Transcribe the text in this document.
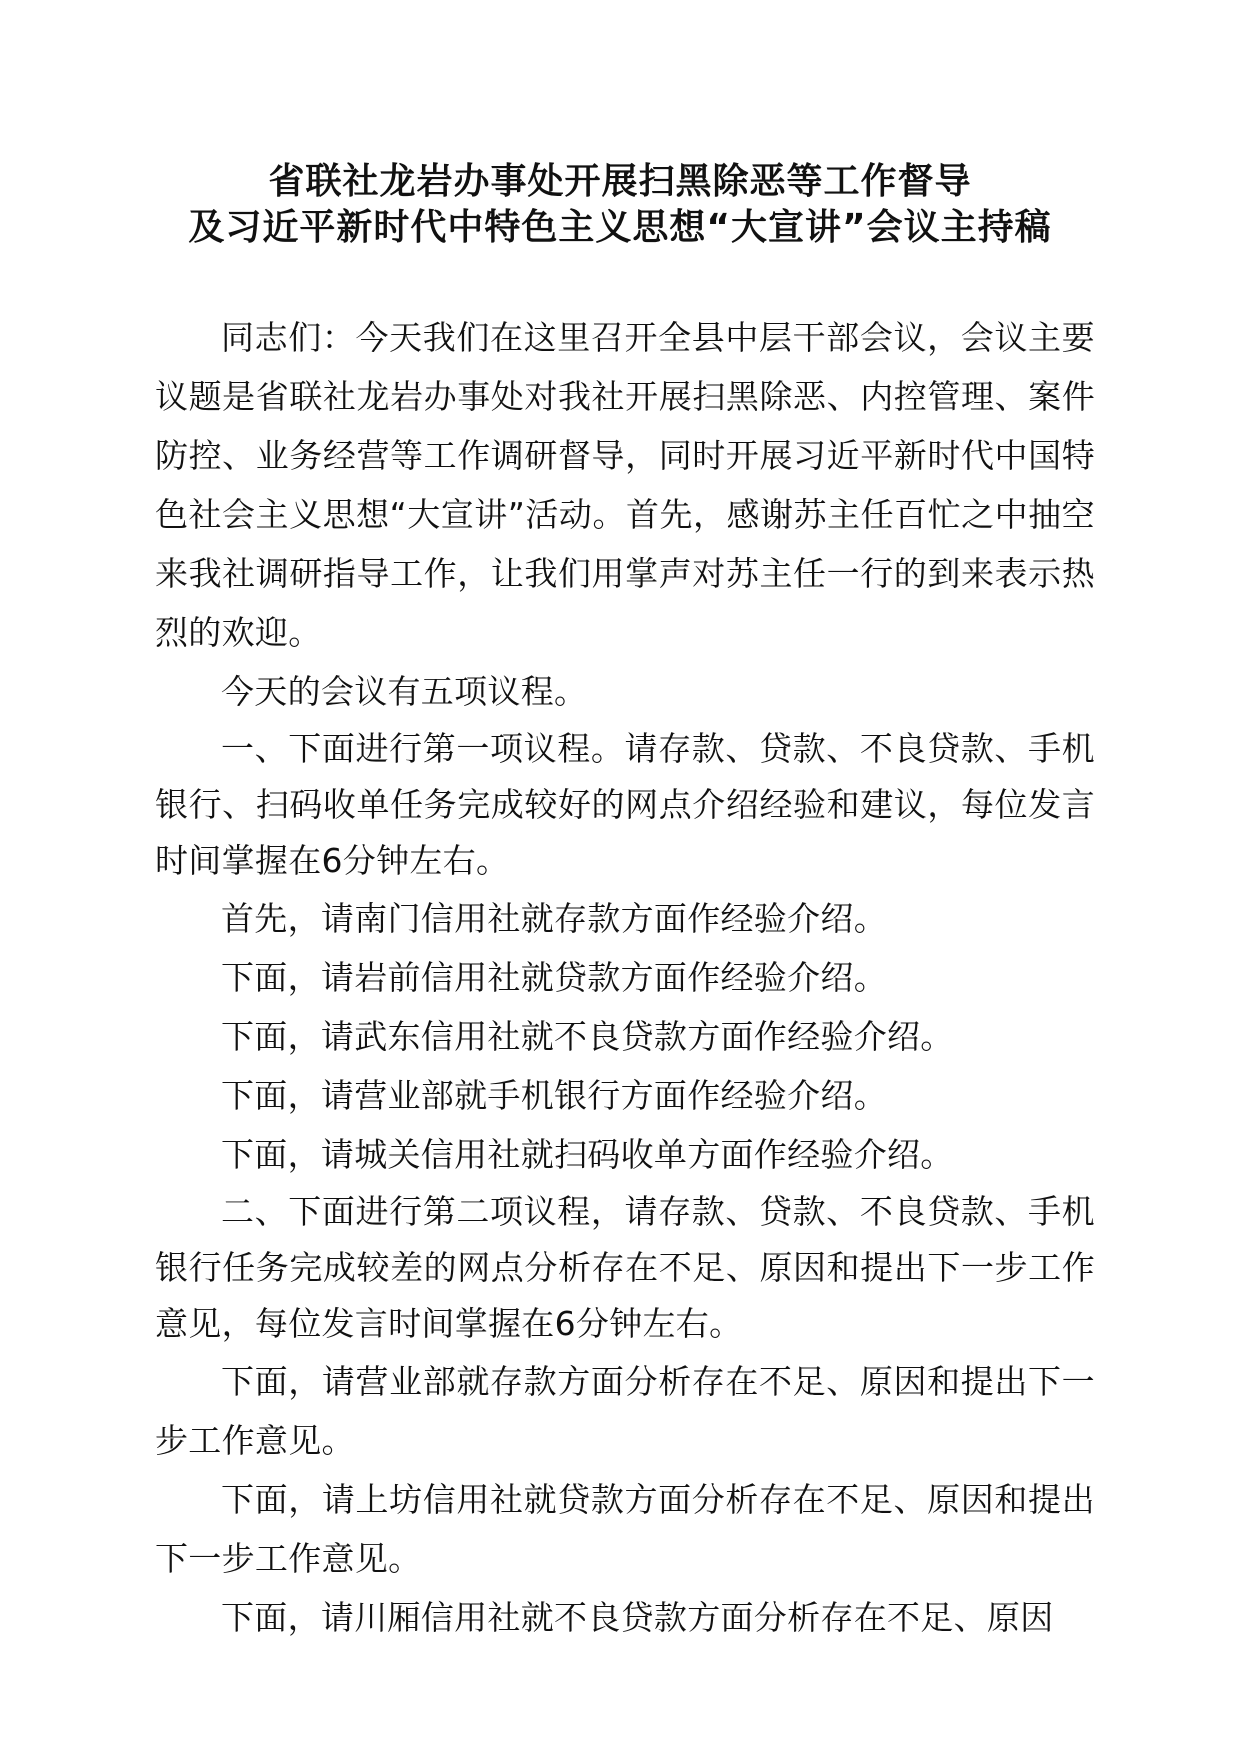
省联社龙岩办事处开展扫黑除恶等工作督导
及习近平新时代中特色主义思想“大宣讲”会议主持稿

同志们：今天我们在这里召开全县中层干部会议，会议主要议题是省联社龙岩办事处对我社开展扫黑除恶、内控管理、案件防控、业务经营等工作调研督导，同时开展习近平新时代中国特色社会主义思想“大宣讲”活动。首先，感谢苏主任百忙之中抽空来我社调研指导工作，让我们用掌声对苏主任一行的到来表示热烈的欢迎。

今天的会议有五项议程。

一、下面进行第一项议程。请存款、贷款、不良贷款、手机银行、扫码收单任务完成较好的网点介绍经验和建议，每位发言时间掌握在6分钟左右。

首先，请南门信用社就存款方面作经验介绍。

下面，请岩前信用社就贷款方面作经验介绍。

下面，请武东信用社就不良贷款方面作经验介绍。

下面，请营业部就手机银行方面作经验介绍。

下面，请城关信用社就扫码收单方面作经验介绍。

二、下面进行第二项议程，请存款、贷款、不良贷款、手机银行任务完成较差的网点分析存在不足、原因和提出下一步工作意见，每位发言时间掌握在6分钟左右。

下面，请营业部就存款方面分析存在不足、原因和提出下一步工作意见。

下面，请上坊信用社就贷款方面分析存在不足、原因和提出下一步工作意见。

下面，请川厢信用社就不良贷款方面分析存在不足、原因
